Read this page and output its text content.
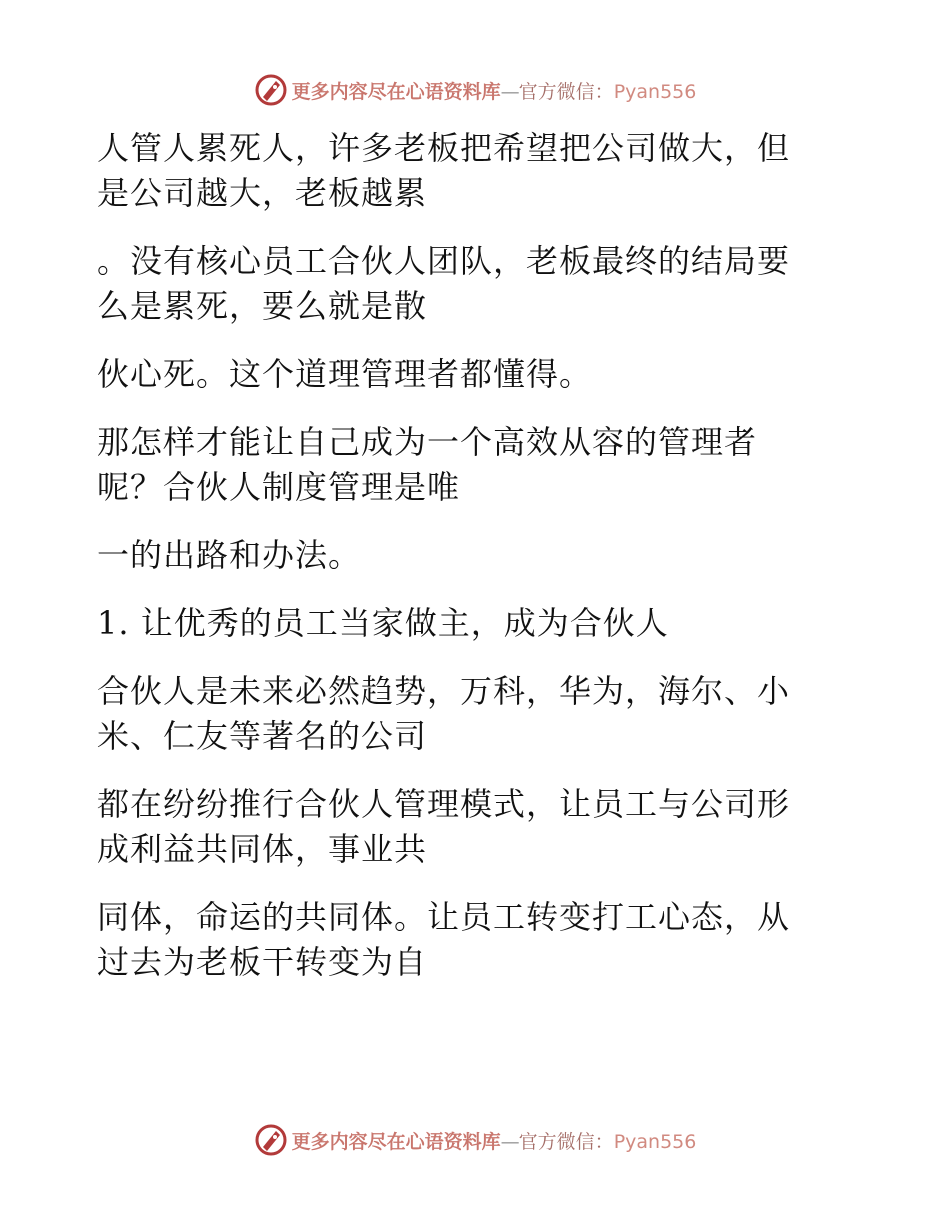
更多内容尽在心语资料库—官方微信：Pyan556
人管人累死人，许多老板把希望把公司做大，但
是公司越大，老板越累
。没有核心员工合伙人团队，老板最终的结局要
么是累死，要么就是散
伙心死。这个道理管理者都懂得。
那怎样才能让自己成为一个高效从容的管理者
呢？合伙人制度管理是唯
一的出路和办法。
1. 让优秀的员工当家做主，成为合伙人
合伙人是未来必然趋势，万科，华为，海尔、小
米、仁友等著名的公司
都在纷纷推行合伙人管理模式，让员工与公司形
成利益共同体，事业共
同体，命运的共同体。让员工转变打工心态，从
过去为老板干转变为自
更多内容尽在心语资料库—官方微信：Pyan556
